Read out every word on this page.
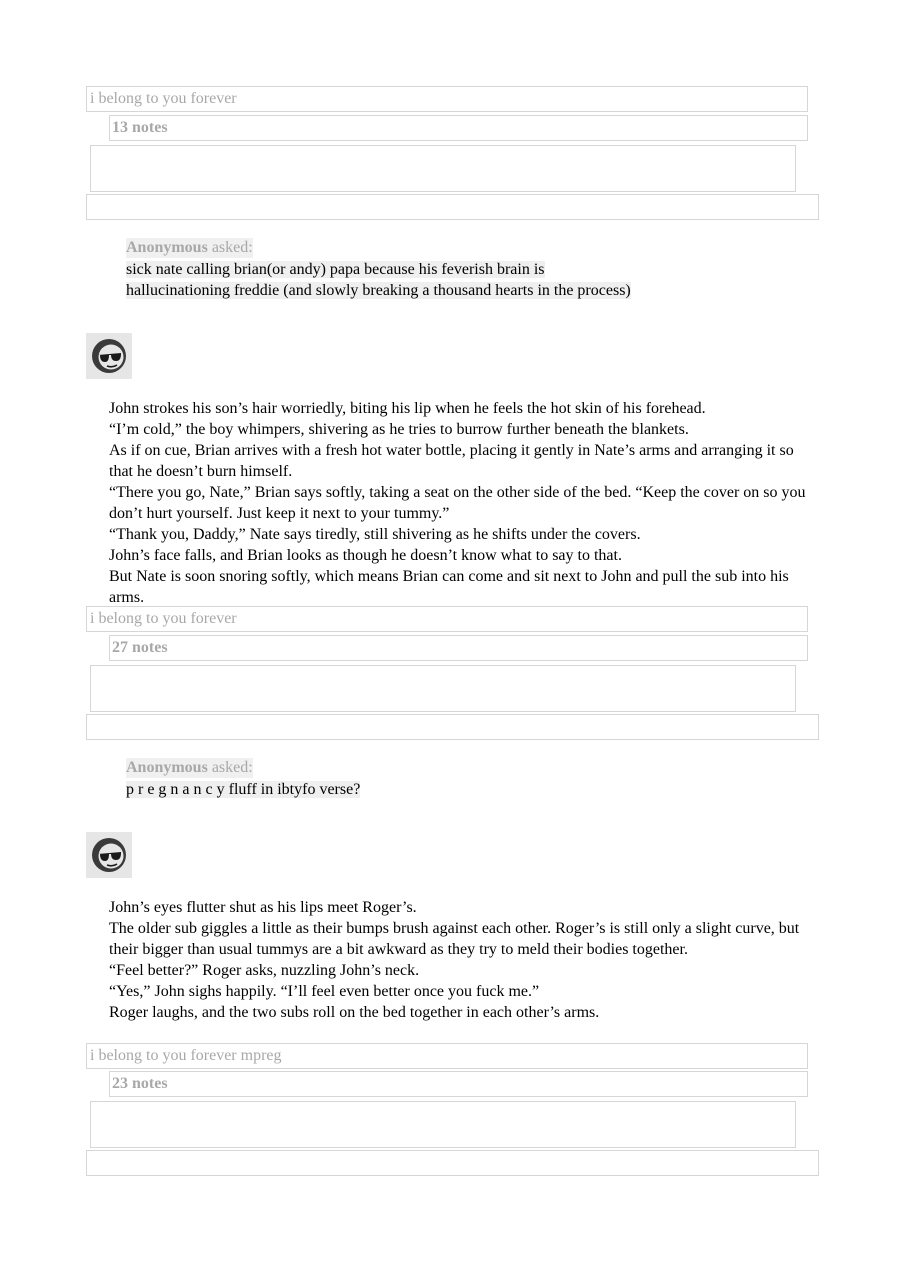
i belong to you forever
13 notes
Anonymous asked:
sick nate calling brian(or andy) papa because his feverish brain is
hallucinationing freddie (and slowly breaking a thousand hearts in the process)

John strokes his son’s hair worriedly, biting his lip when he feels the hot skin of his forehead.

“I’m cold,” the boy whimpers, shivering as he tries to burrow further beneath the blankets.

As if on cue, Brian arrives with a fresh hot water bottle, placing it gently in Nate’s arms and arranging it so that he doesn’t burn himself.

“There you go, Nate,” Brian says softly, taking a seat on the other side of the bed. “Keep the cover on so you don’t hurt yourself. Just keep it next to your tummy.”

“Thank you, Daddy,” Nate says tiredly, still shivering as he shifts under the covers.

John’s face falls, and Brian looks as though he doesn’t know what to say to that.

But Nate is soon snoring softly, which means Brian can come and sit next to John and pull the sub into his arms.

i belong to you forever
27 notes
Anonymous asked:
p r e g n a n c y fluff in ibtyfo verse?

John’s eyes flutter shut as his lips meet Roger’s.

The older sub giggles a little as their bumps brush against each other. Roger’s is still only a slight curve, but their bigger than usual tummys are a bit awkward as they try to meld their bodies together.

“Feel better?” Roger asks, nuzzling John’s neck.

“Yes,” John sighs happily. “I’ll feel even better once you fuck me.”

Roger laughs, and the two subs roll on the bed together in each other’s arms.

i belong to you forever mpreg
23 notes
